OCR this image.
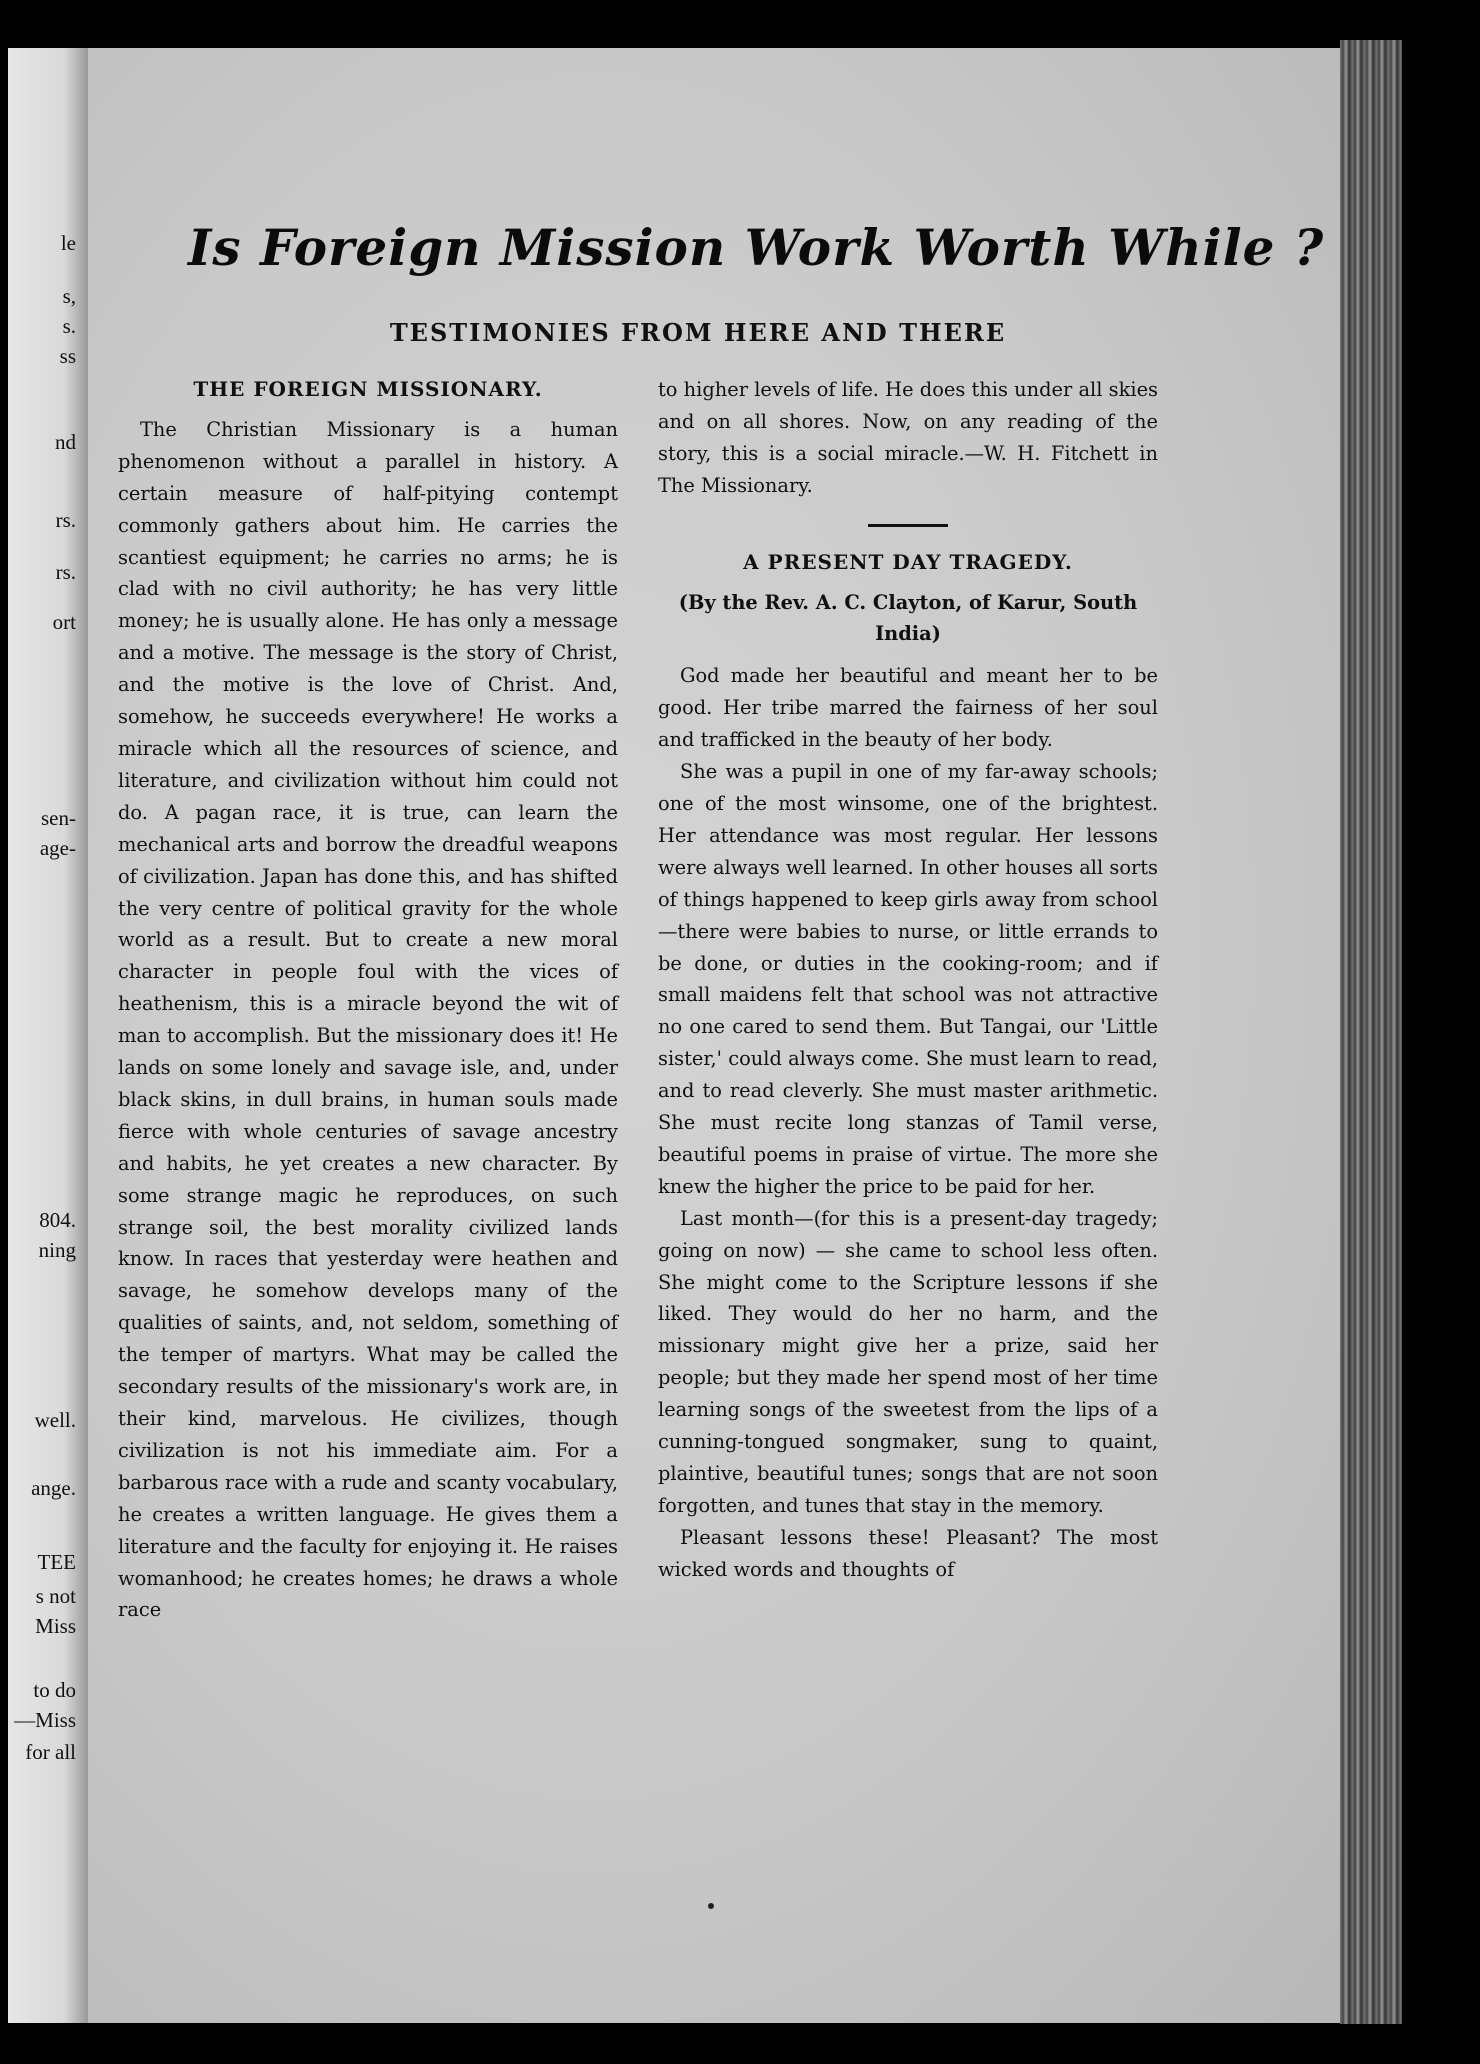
le
s,
s.
ss
nd
rs.
rs.
ort
sen-
age-
804.
ning
well.
ange.
TEE
s not
Miss
to do
—Miss
for all
Is Foreign Mission Work Worth While ?
TESTIMONIES FROM HERE AND THERE
THE FOREIGN MISSIONARY.

The Christian Missionary is a human phenomenon without a parallel in history. A certain measure of half-pitying contempt commonly gathers about him. He carries the scantiest equipment; he carries no arms; he is clad with no civil authority; he has very little money; he is usually alone. He has only a message and a motive. The message is the story of Christ, and the motive is the love of Christ. And, somehow, he succeeds everywhere! He works a miracle which all the resources of science, and literature, and civilization without him could not do. A pagan race, it is true, can learn the mechanical arts and borrow the dreadful weapons of civilization. Japan has done this, and has shifted the very centre of political gravity for the whole world as a result. But to create a new moral character in people foul with the vices of heathenism, this is a miracle beyond the wit of man to accomplish. But the missionary does it! He lands on some lonely and savage isle, and, under black skins, in dull brains, in human souls made fierce with whole centuries of savage ancestry and habits, he yet creates a new character. By some strange magic he reproduces, on such strange soil, the best morality civilized lands know. In races that yesterday were heathen and savage, he somehow develops many of the qualities of saints, and, not seldom, something of the temper of martyrs. What may be called the secondary results of the missionary's work are, in their kind, marvelous. He civilizes, though civilization is not his immediate aim. For a barbarous race with a rude and scanty vocabulary, he creates a written language. He gives them a literature and the faculty for enjoying it. He raises womanhood; he creates homes; he draws a whole race

to higher levels of life. He does this under all skies and on all shores. Now, on any reading of the story, this is a social miracle.—W. H. Fitchett in The Missionary.

A PRESENT DAY TRAGEDY.
(By the Rev. A. C. Clayton, of Karur, South India)

God made her beautiful and meant her to be good. Her tribe marred the fairness of her soul and trafficked in the beauty of her body.

She was a pupil in one of my far-away schools; one of the most winsome, one of the brightest. Her attendance was most regular. Her lessons were always well learned. In other houses all sorts of things happened to keep girls away from school—there were babies to nurse, or little errands to be done, or duties in the cooking-room; and if small maidens felt that school was not attractive no one cared to send them. But Tangai, our 'Little sister,' could always come. She must learn to read, and to read cleverly. She must master arithmetic. She must recite long stanzas of Tamil verse, beautiful poems in praise of virtue. The more she knew the higher the price to be paid for her.

Last month—(for this is a present-day tragedy; going on now) — she came to school less often. She might come to the Scripture lessons if she liked. They would do her no harm, and the missionary might give her a prize, said her people; but they made her spend most of her time learning songs of the sweetest from the lips of a cunning-tongued songmaker, sung to quaint, plaintive, beautiful tunes; songs that are not soon forgotten, and tunes that stay in the memory.

Pleasant lessons these! Pleasant? The most wicked words and thoughts of
